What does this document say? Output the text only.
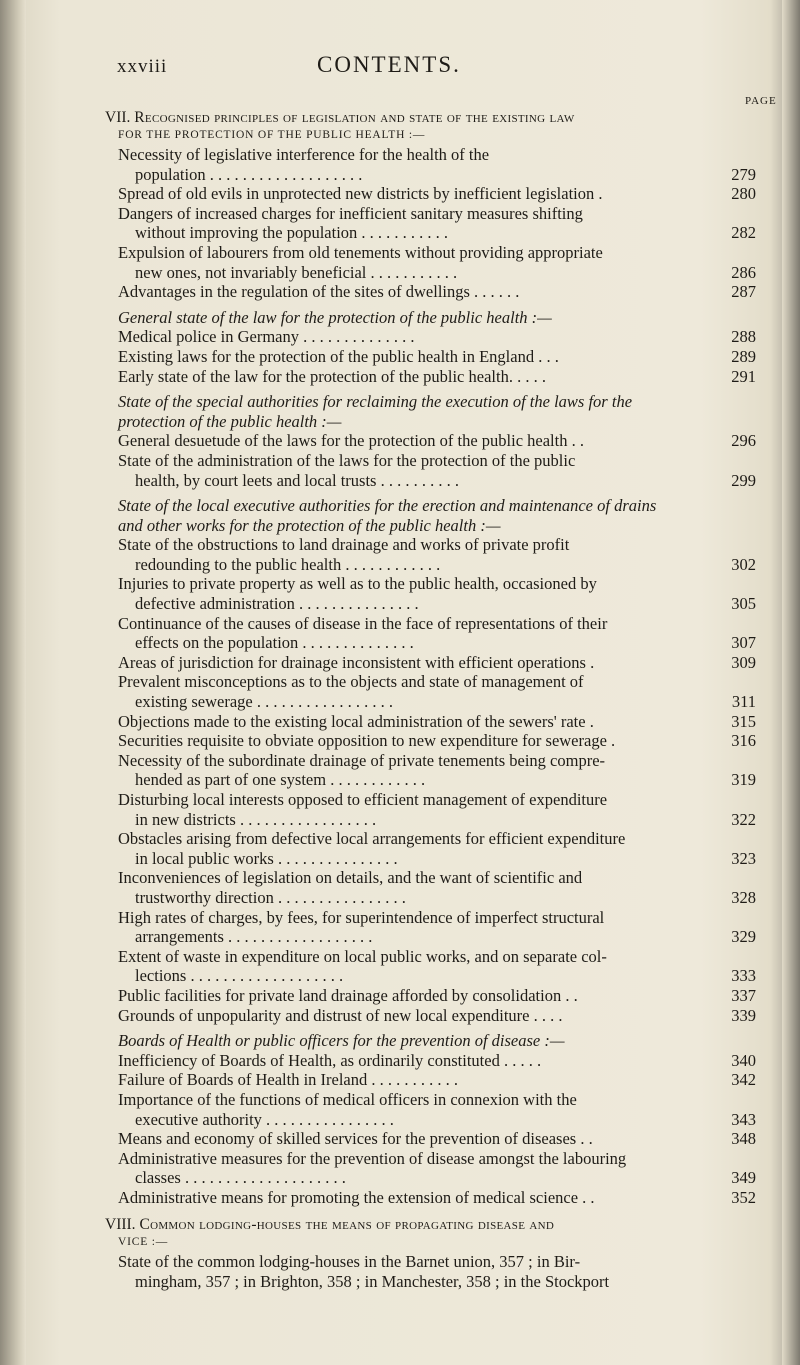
xxviii	CONTENTS.
PAGE
VII. Recognised principles of legislation and state of the existing law
FOR THE PROTECTION OF THE PUBLIC HEALTH :—
Necessity of legislative interference for the health of the
population . . . . . . . . . . . . . . . . . . .	279
Spread of old evils in unprotected new districts by inefficient legislation .	280
Dangers of increased charges for inefficient sanitary measures shifting
without improving the population . . . . . . . . . . .	282
Expulsion of labourers from old tenements without providing appropriate
new ones, not invariably beneficial . . . . . . . . . . .	286
Advantages in the regulation of the sites of dwellings . . . . . .	287
General state of the law for the protection of the public health :—
Medical police in Germany . . . . . . . . . . . . . .	288
Existing laws for the protection of the public health in England . . .	289
Early state of the law for the protection of the public health. . . . .	291
State of the special authorities for reclaiming the execution of the laws for the
protection of the public health :—
General desuetude of the laws for the protection of the public health . .	296
State of the administration of the laws for the protection of the public
health, by court leets and local trusts . . . . . . . . . .	299
State of the local executive authorities for the erection and maintenance of drains
and other works for the protection of the public health :—
State of the obstructions to land drainage and works of private profit
redounding to the public health . . . . . . . . . . . .	302
Injuries to private property as well as to the public health, occasioned by
defective administration . . . . . . . . . . . . . . .	305
Continuance of the causes of disease in the face of representations of their
effects on the population . . . . . . . . . . . . . .	307
Areas of jurisdiction for drainage inconsistent with efficient operations .	309
Prevalent misconceptions as to the objects and state of management of
existing sewerage . . . . . . . . . . . . . . . . .	311
Objections made to the existing local administration of the sewers' rate .	315
Securities requisite to obviate opposition to new expenditure for sewerage .	316
Necessity of the subordinate drainage of private tenements being compre-
hended as part of one system . . . . . . . . . . . .	319
Disturbing local interests opposed to efficient management of expenditure
in new districts . . . . . . . . . . . . . . . . .	322
Obstacles arising from defective local arrangements for efficient expenditure
in local public works . . . . . . . . . . . . . . .	323
Inconveniences of legislation on details, and the want of scientific and
trustworthy direction . . . . . . . . . . . . . . . .	328
High rates of charges, by fees, for superintendence of imperfect structural
arrangements . . . . . . . . . . . . . . . . . .	329
Extent of waste in expenditure on local public works, and on separate col-
lections . . . . . . . . . . . . . . . . . . .	333
Public facilities for private land drainage afforded by consolidation . .	337
Grounds of unpopularity and distrust of new local expenditure . . . .	339
Boards of Health or public officers for the prevention of disease :—
Inefficiency of Boards of Health, as ordinarily constituted . . . . .	340
Failure of Boards of Health in Ireland . . . . . . . . . . .	342
Importance of the functions of medical officers in connexion with the
executive authority . . . . . . . . . . . . . . . .	343
Means and economy of skilled services for the prevention of diseases . .	348
Administrative measures for the prevention of disease amongst the labouring
classes . . . . . . . . . . . . . . . . . . . .	349
Administrative means for promoting the extension of medical science . .	352
VIII. Common lodging-houses the means of propagating disease and
VICE :—
State of the common lodging-houses in the Barnet union, 357 ; in Bir-
mingham, 357 ; in Brighton, 358 ; in Manchester, 358 ; in the Stockport
